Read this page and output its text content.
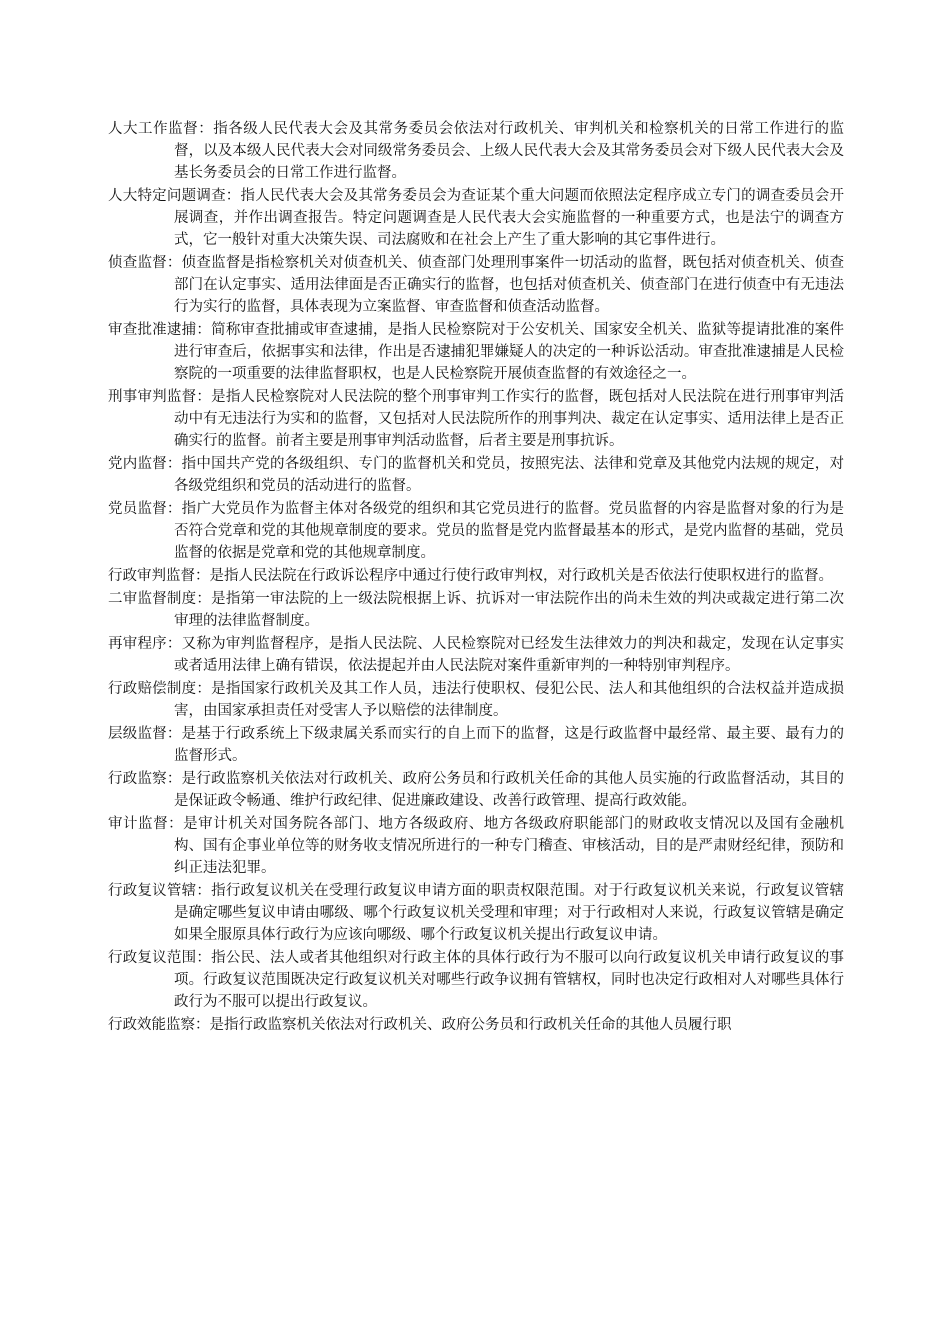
人大工作监督：指各级人民代表大会及其常务委员会依法对行政机关、审判机关和检察机关的日常工作进行的监督，以及本级人民代表大会对同级常务委员会、上级人民代表大会及其常务委员会对下级人民代表大会及基长务委员会的日常工作进行监督。

人大特定问题调查：指人民代表大会及其常务委员会为查证某个重大问题而依照法定程序成立专门的调查委员会开展调查，并作出调查报告。特定问题调查是人民代表大会实施监督的一种重要方式，也是法宁的调查方式，它一般针对重大决策失误、司法腐败和在社会上产生了重大影响的其它事件进行。

侦查监督：侦查监督是指检察机关对侦查机关、侦查部门处理刑事案件一切活动的监督，既包括对侦查机关、侦查部门在认定事实、适用法律面是否正确实行的监督，也包括对侦查机关、侦查部门在进行侦查中有无违法行为实行的监督，具体表现为立案监督、审查监督和侦查活动监督。

审查批准逮捕：简称审查批捕或审查逮捕，是指人民检察院对于公安机关、国家安全机关、监狱等提请批准的案件进行审查后，依据事实和法律，作出是否逮捕犯罪嫌疑人的决定的一种诉讼活动。审查批准逮捕是人民检察院的一项重要的法律监督职权，也是人民检察院开展侦查监督的有效途径之一。

刑事审判监督：是指人民检察院对人民法院的整个刑事审判工作实行的监督，既包括对人民法院在进行刑事审判活动中有无违法行为实和的监督，又包括对人民法院所作的刑事判决、裁定在认定事实、适用法律上是否正确实行的监督。前者主要是刑事审判活动监督，后者主要是刑事抗诉。

党内监督：指中国共产党的各级组织、专门的监督机关和党员，按照宪法、法律和党章及其他党内法规的规定，对各级党组织和党员的活动进行的监督。

党员监督：指广大党员作为监督主体对各级党的组织和其它党员进行的监督。党员监督的内容是监督对象的行为是否符合党章和党的其他规章制度的要求。党员的监督是党内监督最基本的形式，是党内监督的基础，党员监督的依据是党章和党的其他规章制度。

行政审判监督：是指人民法院在行政诉讼程序中通过行使行政审判权，对行政机关是否依法行使职权进行的监督。

二审监督制度：是指第一审法院的上一级法院根据上诉、抗诉对一审法院作出的尚未生效的判决或裁定进行第二次审理的法律监督制度。

再审程序：又称为审判监督程序，是指人民法院、人民检察院对已经发生法律效力的判决和裁定，发现在认定事实或者适用法律上确有错误，依法提起并由人民法院对案件重新审判的一种特别审判程序。

行政赔偿制度：是指国家行政机关及其工作人员，违法行使职权、侵犯公民、法人和其他组织的合法权益并造成损害，由国家承担责任对受害人予以赔偿的法律制度。

层级监督：是基于行政系统上下级隶属关系而实行的自上而下的监督，这是行政监督中最经常、最主要、最有力的监督形式。

行政监察：是行政监察机关依法对行政机关、政府公务员和行政机关任命的其他人员实施的行政监督活动，其目的是保证政令畅通、维护行政纪律、促进廉政建设、改善行政管理、提高行政效能。

审计监督：是审计机关对国务院各部门、地方各级政府、地方各级政府职能部门的财政收支情况以及国有金融机构、国有企事业单位等的财务收支情况所进行的一种专门稽查、审核活动，目的是严肃财经纪律，预防和纠正违法犯罪。

行政复议管辖：指行政复议机关在受理行政复议申请方面的职责权限范围。对于行政复议机关来说，行政复议管辖是确定哪些复议申请由哪级、哪个行政复议机关受理和审理；对于行政相对人来说，行政复议管辖是确定如果全服原具体行政行为应该向哪级、哪个行政复议机关提出行政复议申请。

行政复议范围：指公民、法人或者其他组织对行政主体的具体行政行为不服可以向行政复议机关申请行政复议的事项。行政复议范围既决定行政复议机关对哪些行政争议拥有管辖权，同时也决定行政相对人对哪些具体行政行为不服可以提出行政复议。

行政效能监察：是指行政监察机关依法对行政机关、政府公务员和行政机关任命的其他人员履行职
